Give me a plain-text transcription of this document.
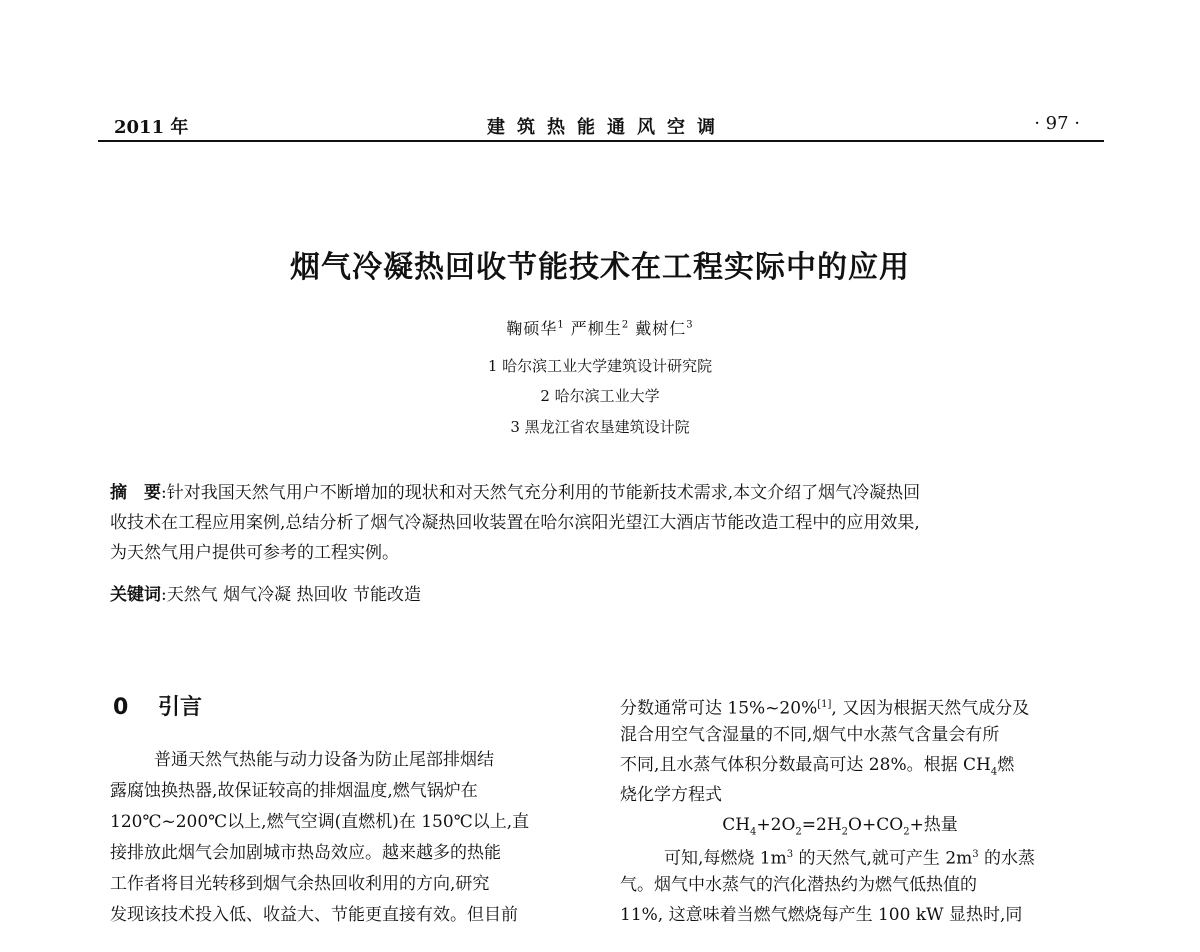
2011 年	建筑热能通风空调	· 97 ·
烟气冷凝热回收节能技术在工程实际中的应用
鞠硕华$^1$ 严柳生$^2$ 戴树仁$^3$
1 哈尔滨工业大学建筑设计研究院
2 哈尔滨工业大学
3 黑龙江省农垦建筑设计院
摘　要:针对我国天然气用户不断增加的现状和对天然气充分利用的节能新技术需求,本文介绍了烟气冷凝热回
收技术在工程应用案例,总结分析了烟气冷凝热回收装置在哈尔滨阳光望江大酒店节能改造工程中的应用效果,
为天然气用户提供可参考的工程实例。
关键词:天然气 烟气冷凝 热回收 节能改造
0 引言
普通天然气热能与动力设备为防止尾部排烟结
露腐蚀换热器,故保证较高的排烟温度,燃气锅炉在
120℃~200℃以上,燃气空调(直燃机)在 150℃以上,直
接排放此烟气会加剧城市热岛效应。越来越多的热能
工作者将目光转移到烟气余热回收利用的方向,研究
发现该技术投入低、收益大、节能更直接有效。但目前
分数通常可达 15%~20%[1], 又因为根据天然气成分及
混合用空气含湿量的不同,烟气中水蒸气含量会有所
不同,且水蒸气体积分数最高可达 28%。根据 $CH_4$燃
烧化学方程式
$CH_4+2O_2=2H_2O+CO_2+$热量
可知,每燃烧 $1m^3$ 的天然气,就可产生 $2m^3$ 的水蒸
气。烟气中水蒸气的汽化潜热约为燃气低热值的
11%, 这意味着当燃气燃烧每产生 100 kW 显热时,同
